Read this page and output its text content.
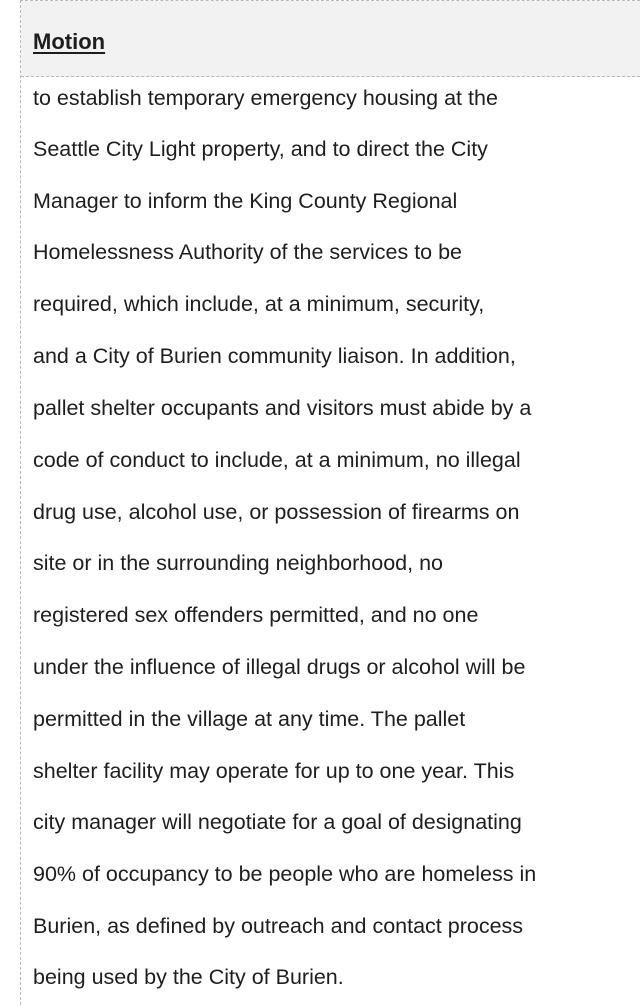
Motion
to establish temporary emergency housing at the
Seattle City Light property, and to direct the City
Manager to inform the King County Regional
Homelessness Authority of the services to be
required, which include, at a minimum, security,
and a City of Burien community liaison. In addition,
pallet shelter occupants and visitors must abide by a
code of conduct to include, at a minimum, no illegal
drug use, alcohol use, or possession of firearms on
site or in the surrounding neighborhood, no
registered sex offenders permitted, and no one
under the influence of illegal drugs or alcohol will be
permitted in the village at any time. The pallet
shelter facility may operate for up to one year. This
city manager will negotiate for a goal of designating
90% of occupancy to be people who are homeless in
Burien, as defined by outreach and contact process
being used by the City of Burien.
